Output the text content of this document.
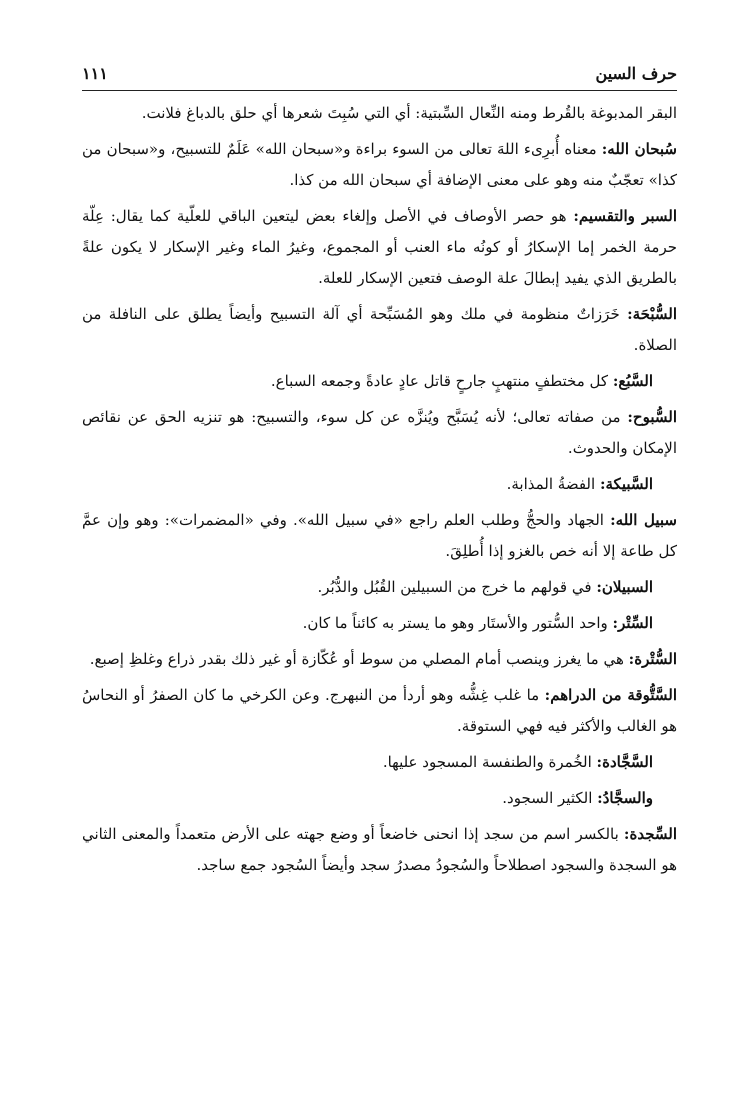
حرف السين
١١١

البقر المدبوغة بالقُرط ومنه النِّعال السِّبتية: أي التي سُبِتَ شعرها أي حلق بالدباغ فلانت.

سُبحان الله: معناه أُبرِىء اللهَ تعالى من السوء براءة و«سبحان الله» عَلَمٌ للتسبيح، و«سبحان من كذا» تعجّبٌ منه وهو على معنى الإضافة أي سبحان الله من كذا.

السبر والتقسيم: هو حصر الأوصاف في الأصل وإلغاء بعض ليتعين الباقي للعلّية كما يقال: عِلّة حرمة الخمر إما الإسكارُ أو كونُه ماء العنب أو المجموع، وغيرُ الماء وغير الإسكار لا يكون علةً بالطريق الذي يفيد إبطالَ علة الوصف فتعين الإسكار للعلة.

السُّبْحَة: خَرَزاتٌ منظومة في ملك وهو المُسَبِّحة أي آلة التسبيح وأيضاً يطلق على النافلة من الصلاة.

السَّبُع: كل مختطفٍ منتهبٍ جارحٍ قاتل عادٍ عادةً وجمعه السباع.

السُّبوح: من صفاته تعالى؛ لأنه يُسَبَّح ويُنزَّه عن كل سوء، والتسبيح: هو تنزيه الحق عن نقائص الإمكان والحدوث.

السَّبيكة: الفضةُ المذابة.

سبيل الله: الجهاد والحجُّ وطلب العلم راجع «في سبيل الله». وفي «المضمرات»: وهو وإن عمَّ كل طاعة إلا أنه خص بالغزو إذا أُطلِقَ.

السبيلان: في قولهم ما خرج من السبيلين القُبُل والدُّبُر.

السِّتْر: واحد السُّتور والأستَار وهو ما يستر به كائناً ما كان.

السُّتْرة: هي ما يغرز وينصب أمام المصلي من سوط أو عُكّازة أو غير ذلك بقدر ذراع وغلظِ إصبع.

السَّتُّوقة من الدراهم: ما غلب غِشُّه وهو أردأ من النبهرج. وعن الكرخي ما كان الصفرُ أو النحاسُ هو الغالب والأكثر فيه فهي الستوقة.

السَّجَّادة: الخُمرة والطنفسة المسجود عليها.

والسجَّادُ: الكثير السجود.

السِّجدة: بالكسر اسم من سجد إذا انحنى خاضعاً أو وضع جهته على الأرض متعمداً والمعنى الثاني هو السجدة والسجود اصطلاحاً والسُجودُ مصدرُ سجد وأيضاً السُجود جمع ساجد.
